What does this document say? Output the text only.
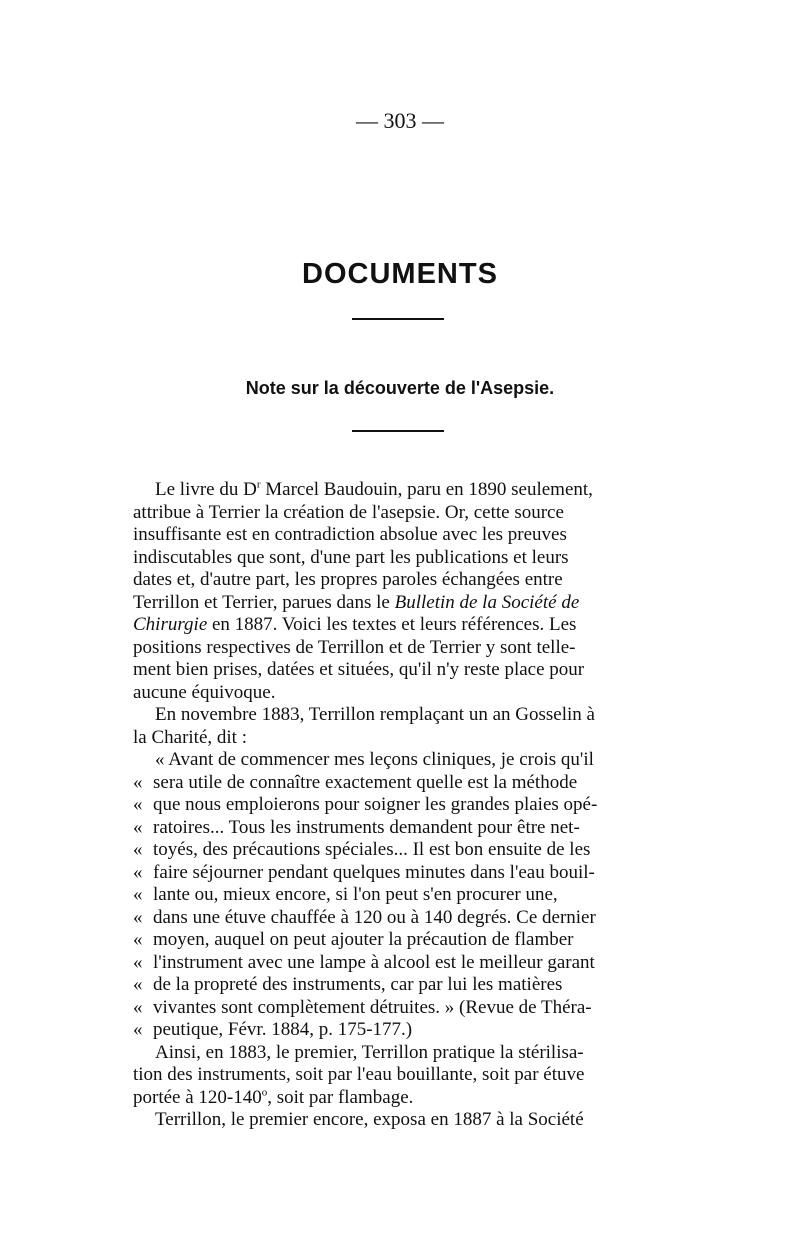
— 303 —
DOCUMENTS
Note sur la découverte de l'Asepsie.
Le livre du $D^r$ Marcel Baudouin, paru en 1890 seulement,
attribue à Terrier la création de l'asepsie. Or, cette source
insuffisante est en contradiction absolue avec les preuves
indiscutables que sont, d'une part les publications et leurs
dates et, d'autre part, les propres paroles échangées entre
Terrillon et Terrier, parues dans le Bulletin de la Société de
Chirurgie en 1887. Voici les textes et leurs références. Les
positions respectives de Terrillon et de Terrier y sont telle-
ment bien prises, datées et situées, qu'il n'y reste place pour
aucune équivoque.
En novembre 1883, Terrillon remplaçant un an Gosselin à
la Charité, dit :
« Avant de commencer mes leçons cliniques, je crois qu'il
« sera utile de connaître exactement quelle est la méthode
« que nous emploierons pour soigner les grandes plaies opé-
« ratoires... Tous les instruments demandent pour être net-
« toyés, des précautions spéciales... Il est bon ensuite de les
« faire séjourner pendant quelques minutes dans l'eau bouil-
« lante ou, mieux encore, si l'on peut s'en procurer une,
« dans une étuve chauffée à 120 ou à 140 degrés. Ce dernier
« moyen, auquel on peut ajouter la précaution de flamber
« l'instrument avec une lampe à alcool est le meilleur garant
« de la propreté des instruments, car par lui les matières
« vivantes sont complètement détruites. » (Revue de Théra-
« peutique, Févr. 1884, p. 175-177.)
Ainsi, en 1883, le premier, Terrillon pratique la stérilisa-
tion des instruments, soit par l'eau bouillante, soit par étuve
portée à 120-140$^o$, soit par flambage.
Terrillon, le premier encore, exposa en 1887 à la Société
